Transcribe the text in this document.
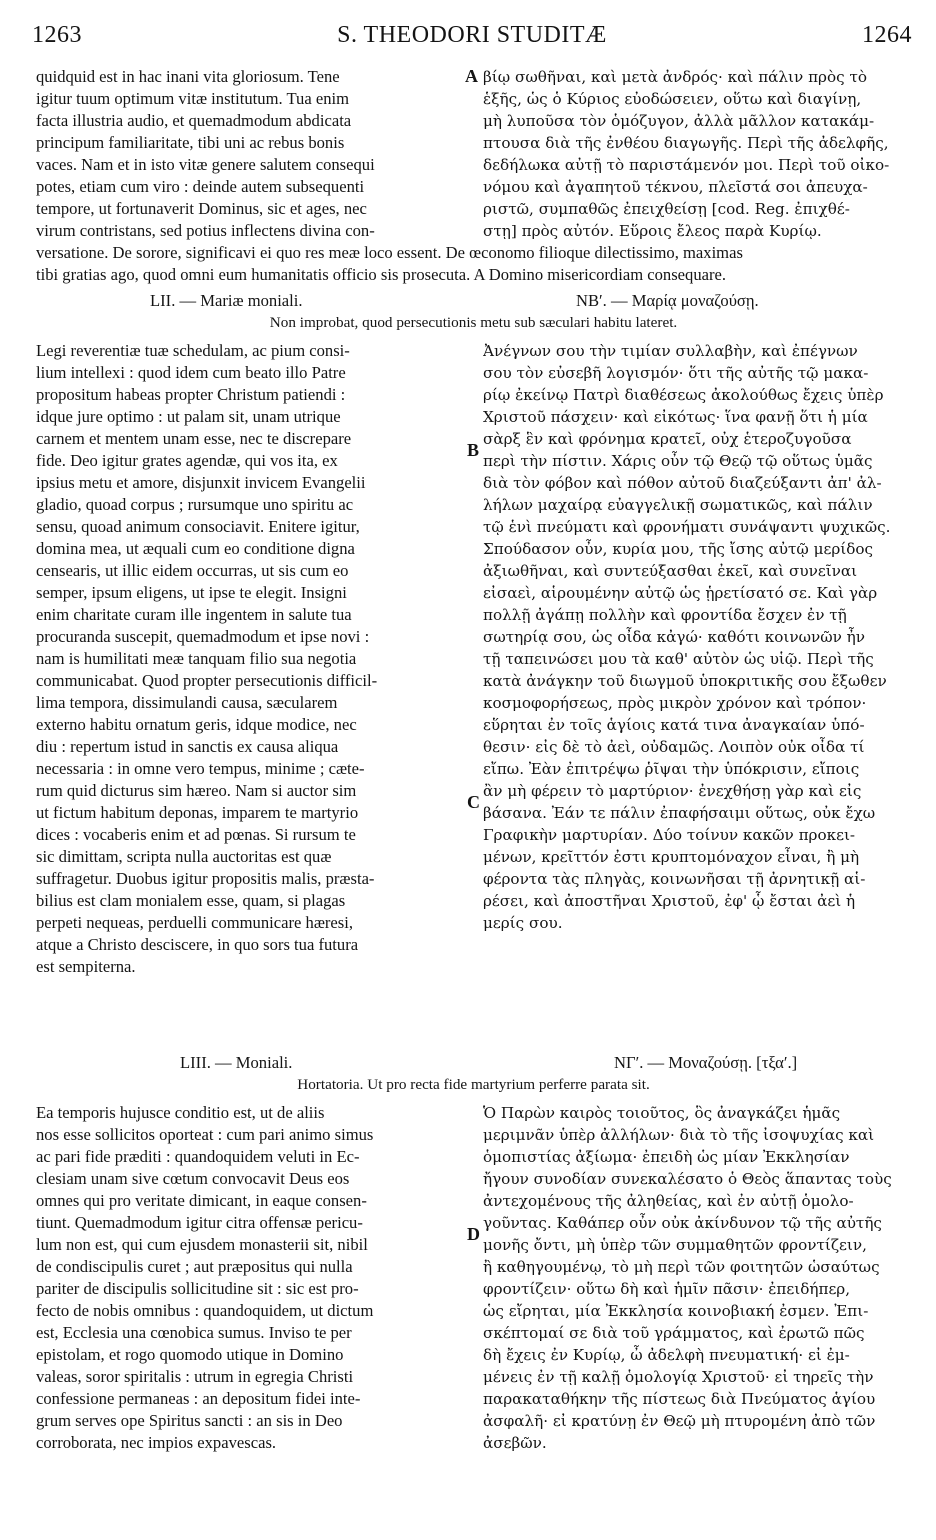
1263	S. THEODORI STUDITÆ	1264

quidquid est in hac inani vita gloriosum. Tene

igitur tuum optimum vitæ institutum. Tua enim

facta illustria audio, et quemadmodum abdicata

principum familiaritate, tibi uni ac rebus bonis

vaces. Nam et in isto vitæ genere salutem consequi

potes, etiam cum viro : deinde autem subsequenti

tempore, ut fortunaverit Dominus, sic et ages, nec

virum contristans, sed potius inflectens divina con-

βίῳ σωθῆναι, καὶ μετὰ ἀνδρός· καὶ πάλιν πρὸς τὸ

ἑξῆς, ὡς ὁ Κύριος εὐοδώσειεν, οὕτω καὶ διαγίνῃ,

μὴ λυποῦσα τὸν ὁμόζυγον, ἀλλὰ μᾶλλον κατακάμ-

πτουσα διὰ τῆς ἐνθέου διαγωγῆς. Περὶ τῆς ἀδελφῆς,

δεδήλωκα αὐτῇ τὸ παριστάμενόν μοι. Περὶ τοῦ οἰκο-

νόμου καὶ ἀγαπητοῦ τέκνου, πλεῖστά σοι ἀπευχα-

ριστῶ, συμπαθῶς ἐπειχθείσῃ [cod. Reg. ἐπιχθέ-

στῃ] πρὸς αὐτόν. Εὕροις ἔλεος παρὰ Κυρίῳ.

versatione. De sorore, significavi ei quo res meæ loco essent. De œconomo filioque dilectissimo, maximas

tibi gratias ago, quod omni eum humanitatis officio sis prosecuta. A Domino misericordiam consequare.

LII. — Mariæ moniali.	ΝΒʹ. — Μαρίᾳ μοναζούσῃ.
Non improbat, quod persecutionis metu sub sæculari habitu lateret.

Legi reverentiæ tuæ schedulam, ac pium consi-

lium intellexi : quod idem cum beato illo Patre

propositum habeas propter Christum patiendi :

idque jure optimo : ut palam sit, unam utrique

carnem et mentem unam esse, nec te discrepare

fide. Deo igitur grates agendæ, qui vos ita, ex

ipsius metu et amore, disjunxit invicem Evangelii

gladio, quoad corpus ; rursumque uno spiritu ac

sensu, quoad animum consociavit. Enitere igitur,

domina mea, ut æquali cum eo conditione digna

censearis, ut illic eidem occurras, ut sis cum eo

semper, ipsum eligens, ut ipse te elegit. Insigni

enim charitate curam ille ingentem in salute tua

procuranda suscepit, quemadmodum et ipse novi :

nam is humilitati meæ tanquam filio sua negotia

communicabat. Quod propter persecutionis difficil-

lima tempora, dissimulandi causa, sæcularem

externo habitu ornatum geris, idque modice, nec

diu : repertum istud in sanctis ex causa aliqua

necessaria : in omne vero tempus, minime ; cæte-

rum quid dicturus sim hæreo. Nam si auctor sim

ut fictum habitum deponas, imparem te martyrio

dices : vocaberis enim et ad pœnas. Si rursum te

sic dimittam, scripta nulla auctoritas est quæ

suffragetur. Duobus igitur propositis malis, præsta-

bilius est clam monialem esse, quam, si plagas

perpeti nequeas, perduelli communicare hæresi,

atque a Christo desciscere, in quo sors tua futura

est sempiterna.

Ἀνέγνων σου τὴν τιμίαν συλλαβὴν, καὶ ἐπέγνων

σου τὸν εὐσεβῆ λογισμόν· ὅτι τῆς αὐτῆς τῷ μακα-

ρίῳ ἐκείνῳ Πατρὶ διαθέσεως ἀκολούθως ἔχεις ὑπὲρ

Χριστοῦ πάσχειν· καὶ εἰκότως· ἵνα φανῇ ὅτι ἡ μία

σὰρξ ἓν καὶ φρόνημα κρατεῖ, οὐχ ἑτεροζυγοῦσα

περὶ τὴν πίστιν. Χάρις οὖν τῷ Θεῷ τῷ οὕτως ὑμᾶς

διὰ τὸν φόβον καὶ πόθον αὐτοῦ διαζεύξαντι ἀπ' ἀλ-

λήλων μαχαίρᾳ εὐαγγελικῇ σωματικῶς, καὶ πάλιν

τῷ ἑνὶ πνεύματι καὶ φρονήματι συνάψαντι ψυχικῶς.

Σπούδασον οὖν, κυρία μου, τῆς ἴσης αὐτῷ μερίδος

ἀξιωθῆναι, καὶ συντεύξασθαι ἐκεῖ, καὶ συνεῖναι

εἰσαεὶ, αἱρουμένην αὐτῷ ὡς ᾑρετίσατό σε. Καὶ γὰρ

πολλῇ ἀγάπῃ πολλὴν καὶ φροντίδα ἔσχεν ἐν τῇ

σωτηρίᾳ σου, ὡς οἶδα κἀγώ· καθότι κοινωνῶν ἦν

τῇ ταπεινώσει μου τὰ καθ' αὐτὸν ὡς υἱῷ. Περὶ τῆς

κατὰ ἀνάγκην τοῦ διωγμοῦ ὑποκριτικῆς σου ἔξωθεν

κοσμοφορήσεως, πρὸς μικρὸν χρόνον καὶ τρόπον·

εὕρηται ἐν τοῖς ἁγίοις κατά τινα ἀναγκαίαν ὑπό-

θεσιν· εἰς δὲ τὸ ἀεὶ, οὐδαμῶς. Λοιπὸν οὐκ οἶδα τί

εἴπω. Ἐὰν ἐπιτρέψω ῥῖψαι τὴν ὑπόκρισιν, εἴποις

ἂν μὴ φέρειν τὸ μαρτύριον· ἐνεχθήσῃ γὰρ καὶ εἰς

βάσανα. Ἐάν τε πάλιν ἐπαφήσαιμι οὕτως, οὐκ ἔχω

Γραφικὴν μαρτυρίαν. Δύο τοίνυν κακῶν προκει-

μένων, κρεῖττόν ἐστι κρυπτομόναχον εἶναι, ἢ μὴ

φέροντα τὰς πληγὰς, κοινωνῆσαι τῇ ἀρνητικῇ αἱ-

ρέσει, καὶ ἀποστῆναι Χριστοῦ, ἐφ' ᾧ ἔσται ἀεὶ ἡ

μερίς σου.

LIII. — Moniali.	ΝΓʹ. — Μοναζούσῃ. [τξαʹ.]
Hortatoria. Ut pro recta fide martyrium perferre parata sit.

Ea temporis hujusce conditio est, ut de aliis

nos esse sollicitos oporteat : cum pari animo simus

ac pari fide præditi : quandoquidem veluti in Ec-

clesiam unam sive cœtum convocavit Deus eos

omnes qui pro veritate dimicant, in eaque consen-

tiunt. Quemadmodum igitur citra offensæ pericu-

lum non est, qui cum ejusdem monasterii sit, nibil

de condiscipulis curet ; aut præpositus qui nulla

pariter de discipulis sollicitudine sit : sic est pro-

fecto de nobis omnibus : quandoquidem, ut dictum

est, Ecclesia una cœnobica sumus. Inviso te per

epistolam, et rogo quomodo utique in Domino

valeas, soror spiritalis : utrum in egregia Christi

confessione permaneas : an depositum fidei inte-

grum serves ope Spiritus sancti : an sis in Deo

corroborata, nec impios expavescas.

Ὁ Παρὼν καιρὸς τοιοῦτος, ὃς ἀναγκάζει ἡμᾶς

μεριμνᾶν ὑπὲρ ἀλλήλων· διὰ τὸ τῆς ἰσοψυχίας καὶ

ὁμοπιστίας ἀξίωμα· ἐπειδὴ ὡς μίαν Ἐκκλησίαν

ἤγουν συνοδίαν συνεκαλέσατο ὁ Θεὸς ἅπαντας τοὺς

ἀντεχομένους τῆς ἀληθείας, καὶ ἐν αὐτῇ ὁμολο-

γοῦντας. Καθάπερ οὖν οὐκ ἀκίνδυνον τῷ τῆς αὐτῆς

μονῆς ὄντι, μὴ ὑπὲρ τῶν συμμαθητῶν φροντίζειν,

ἢ καθηγουμένῳ, τὸ μὴ περὶ τῶν φοιτητῶν ὡσαύτως

φροντίζειν· οὕτω δὴ καὶ ἡμῖν πᾶσιν· ἐπειδήπερ,

ὡς εἴρηται, μία Ἐκκλησία κοινοβιακή ἐσμεν. Ἐπι-

σκέπτομαί σε διὰ τοῦ γράμματος, καὶ ἐρωτῶ πῶς

δὴ ἔχεις ἐν Κυρίῳ, ὦ ἀδελφὴ πνευματική· εἰ ἐμ-

μένεις ἐν τῇ καλῇ ὁμολογίᾳ Χριστοῦ· εἰ τηρεῖς τὴν

παρακαταθήκην τῆς πίστεως διὰ Πνεύματος ἁγίου

ἀσφαλῆ· εἰ κρατύνῃ ἐν Θεῷ μὴ πτυρομένη ἀπὸ τῶν

ἀσεβῶν.

A
B
C
D
